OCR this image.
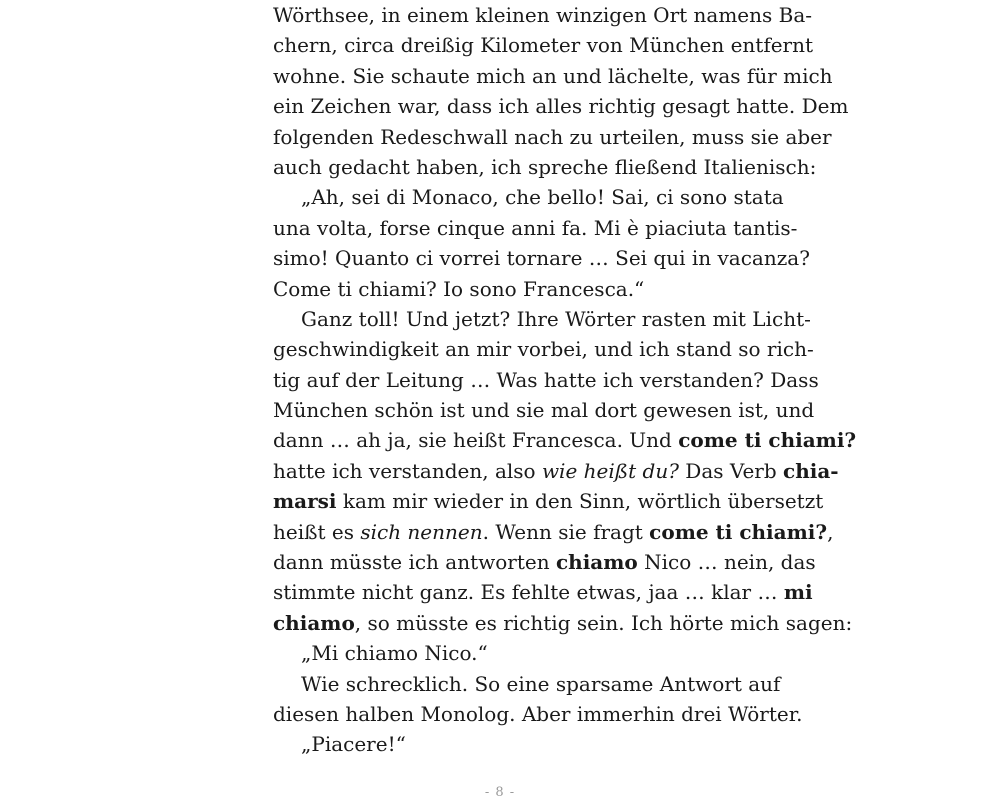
Wörthsee, in einem kleinen winzigen Ort namens Ba-
chern, circa dreißig Kilometer von München entfernt
wohne. Sie schaute mich an und lächelte, was für mich
ein Zeichen war, dass ich alles richtig gesagt hatte. Dem
folgenden Redeschwall nach zu urteilen, muss sie aber
auch gedacht haben, ich spreche fließend Italienisch:

„Ah, sei di Monaco, che bello! Sai, ci sono stata
una volta, forse cinque anni fa. Mi è piaciuta tantis-
simo! Quanto ci vorrei tornare … Sei qui in vacanza?
Come ti chiami? Io sono Francesca.“

Ganz toll! Und jetzt? Ihre Wörter rasten mit Licht-
geschwindigkeit an mir vorbei, und ich stand so rich-
tig auf der Leitung … Was hatte ich verstanden? Dass
München schön ist und sie mal dort gewesen ist, und
dann … ah ja, sie heißt Francesca. Und come ti chiami?
hatte ich verstanden, also wie heißt du? Das Verb chia-
marsi kam mir wieder in den Sinn, wörtlich übersetzt
heißt es sich nennen. Wenn sie fragt come ti chiami?,
dann müsste ich antworten chiamo Nico … nein, das
stimmte nicht ganz. Es fehlte etwas, jaa … klar … mi
chiamo, so müsste es richtig sein. Ich hörte mich sagen:

„Mi chiamo Nico.“

Wie schrecklich. So eine sparsame Antwort auf
diesen halben Monolog. Aber immerhin drei Wörter.

„Piacere!“

- 8 -
